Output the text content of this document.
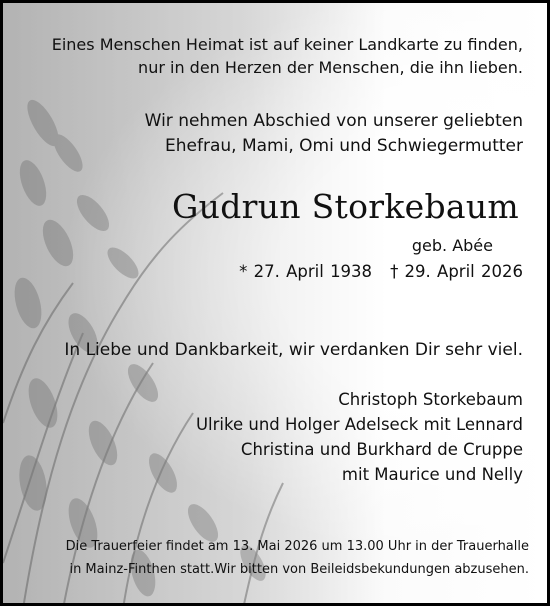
Eines Menschen Heimat ist auf keiner Landkarte zu finden,
nur in den Herzen der Menschen, die ihn lieben.
Wir nehmen Abschied von unserer geliebten
Ehefrau, Mami, Omi und Schwiegermutter
Gudrun Storkebaum
geb. Abée
* 27. April 1938 † 29. April 2026
In Liebe und Dankbarkeit, wir verdanken Dir sehr viel.
Christoph Storkebaum
Ulrike und Holger Adelseck mit Lennard
Christina und Burkhard de Cruppe
mit Maurice und Nelly
Die Trauerfeier findet am 13. Mai 2026 um 13.00 Uhr in der Trauerhalle
in Mainz-Finthen statt.Wir bitten von Beileidsbekundungen abzusehen.
